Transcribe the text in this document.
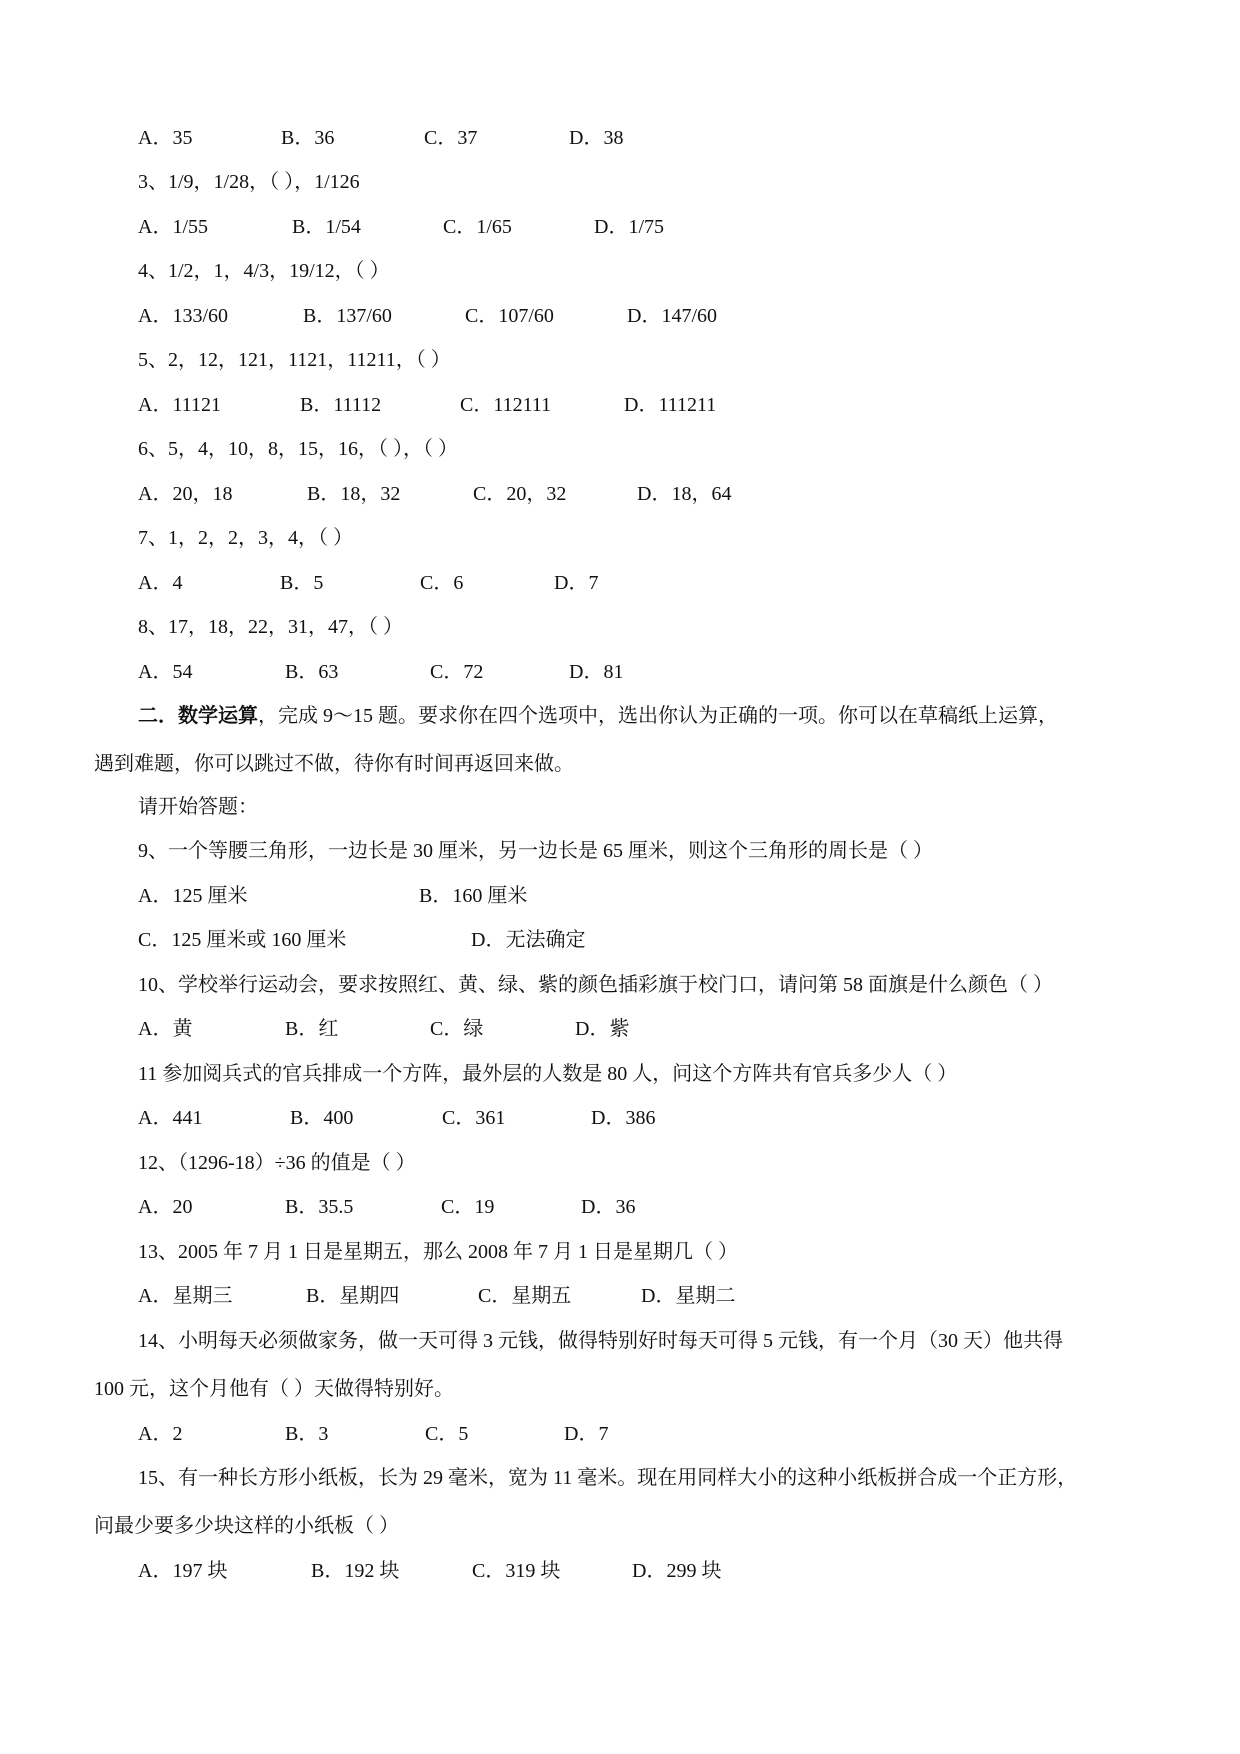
A．35	B．36	C．37	D．38
3、1/9，1/28，（ ），1/126
A．1/55	B．1/54	C．1/65	D．1/75
4、1/2，1，4/3，19/12，（ ）
A．133/60	B．137/60	C．107/60	D．147/60
5、2，12，121，1121，11211，（ ）
A．11121	B．11112	C．112111	D．111211
6、5，4，10，8，15，16，（ ），（ ）
A．20，18	B．18，32	C．20，32	D．18，64
7、1，2，2，3，4，（ ）
A．4	B．5	C．6	D．7
8、17，18，22，31，47，（ ）
A．54	B．63	C．72	D．81
二．数学运算，完成 9～15 题。要求你在四个选项中，选出你认为正确的一项。你可以在草稿纸上运算，
遇到难题，你可以跳过不做，待你有时间再返回来做。
请开始答题：
9、一个等腰三角形，一边长是 30 厘米，另一边长是 65 厘米，则这个三角形的周长是（ ）
A．125 厘米	B．160 厘米
C．125 厘米或 160 厘米	D．无法确定
10、学校举行运动会，要求按照红、黄、绿、紫的颜色插彩旗于校门口，请问第 58 面旗是什么颜色（ ）
A．黄	B．红	C．绿	D．紫
11 参加阅兵式的官兵排成一个方阵，最外层的人数是 80 人，问这个方阵共有官兵多少人（ ）
A．441	B．400	C．361	D．386
12、（1296-18）÷36 的值是（ ）
A．20	B．35.5	C．19	D．36
13、2005 年 7 月 1 日是星期五，那么 2008 年 7 月 1 日是星期几（ ）
A．星期三	B．星期四	C．星期五	D．星期二
14、小明每天必须做家务，做一天可得 3 元钱，做得特别好时每天可得 5 元钱，有一个月（30 天）他共得
100 元，这个月他有（ ）天做得特别好。
A．2	B．3	C．5	D．7
15、有一种长方形小纸板，长为 29 毫米，宽为 11 毫米。现在用同样大小的这种小纸板拼合成一个正方形，
问最少要多少块这样的小纸板（ ）
A．197 块	B．192 块	C．319 块	D．299 块
